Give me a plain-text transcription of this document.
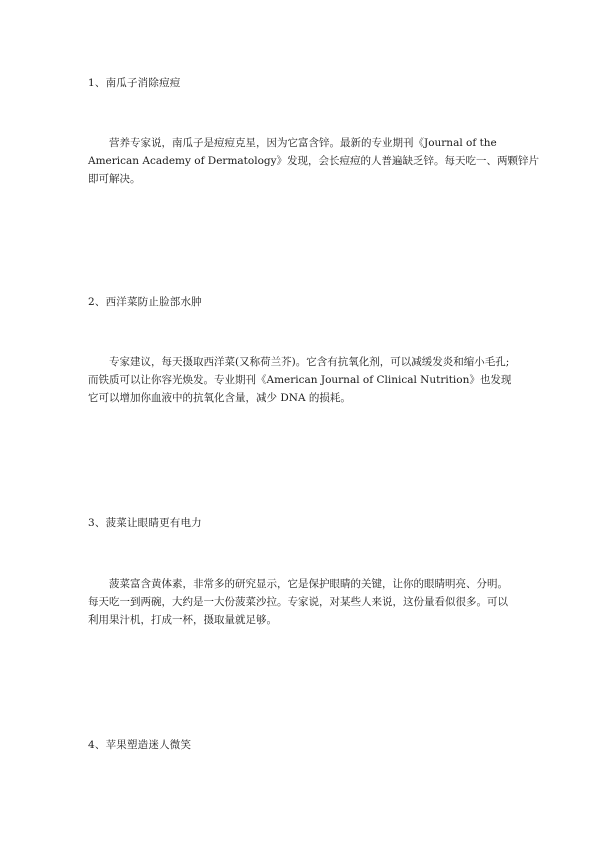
1、南瓜子消除痘痘
营养专家说，南瓜子是痘痘克星，因为它富含锌。最新的专业期刊《Journal of the
American Academy of Dermatology》发现，会长痘痘的人普遍缺乏锌。每天吃一、两颗锌片
即可解决。
2、西洋菜防止脸部水肿
专家建议，每天摄取西洋菜(又称荷兰芥)。它含有抗氧化剂，可以减缓发炎和缩小毛孔;
而铁质可以让你容光焕发。专业期刊《American Journal of Clinical Nutrition》也发现
它可以增加你血液中的抗氧化含量，减少 DNA 的损耗。
3、菠菜让眼睛更有电力
菠菜富含黄体素，非常多的研究显示，它是保护眼睛的关键，让你的眼睛明亮、分明。
每天吃一到两碗，大约是一大份菠菜沙拉。专家说，对某些人来说，这份量看似很多。可以
利用果汁机，打成一杯，摄取量就足够。
4、苹果塑造迷人微笑
